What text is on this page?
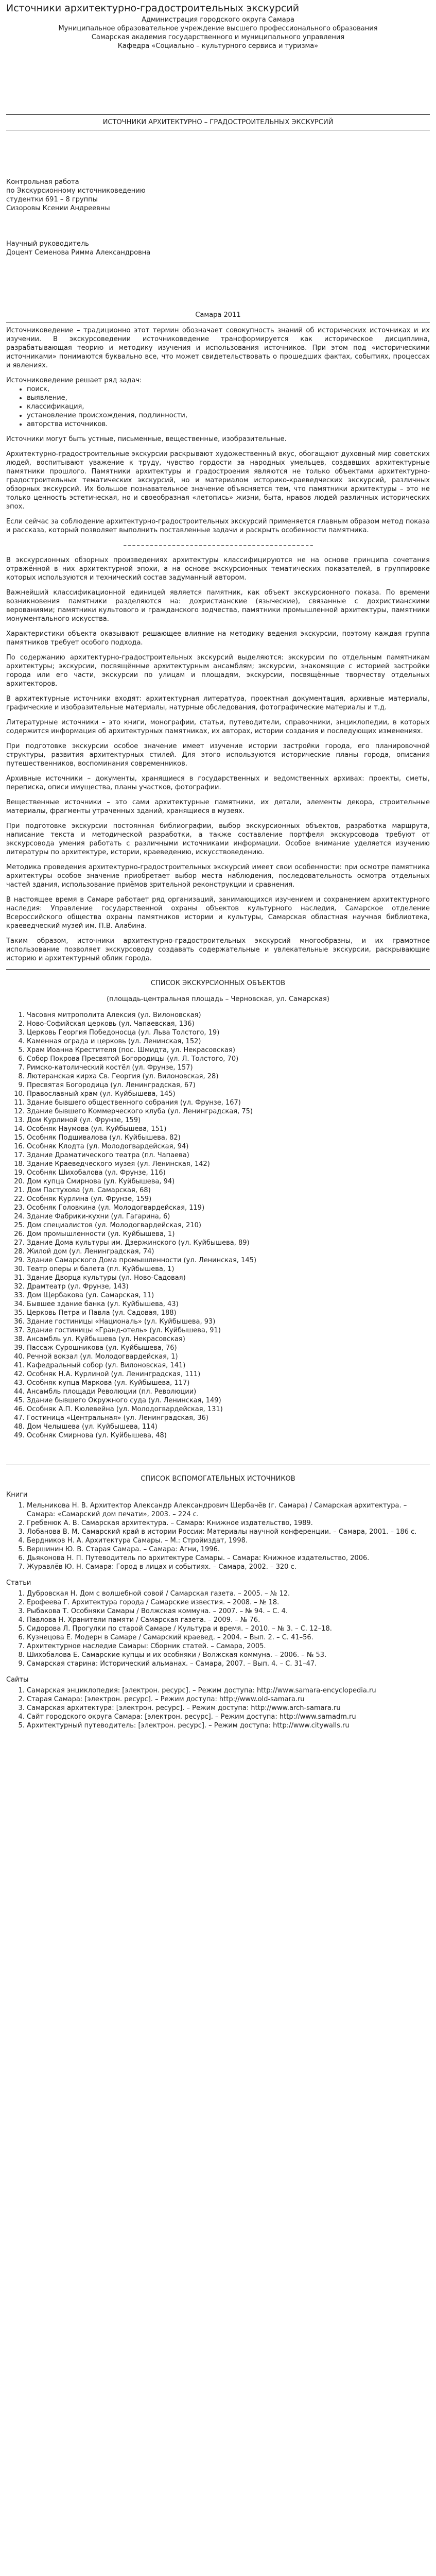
Источники архитектурно-градостроительных экскурсий
Администрация городского округа Самара
Муниципальное образовательное учреждение высшего профессионального образования
Самарская академия государственного и муниципального управления
Кафедра «Социально – культурного сервиса и туризма»
ИСТОЧНИКИ АРХИТЕКТУРНО – ГРАДОСТРОИТЕЛЬНЫХ ЭКСКУРСИЙ
Контрольная работа
по Экскурсионному источниковедению
студентки 691 – 8 группы
Сизоровы Ксении Андреевны
Научный руководитель
Доцент Семенова Римма Александровна
Самара 2011

Источниковедение – традиционно этот термин обозначает совокупность знаний об исторических источниках и их изучении. В экскурсоведении источниковедение трансформируется как историческое дисциплина, разрабатывающая теорию и методику изучения и использования источников. При этом под «историческими источниками» понимаются буквально все, что может свидетельствовать о прошедших фактах, событиях, процессах и явлениях.

Источниковедение решает ряд задач:
• поиск,
• выявление,
• классификация,
• установление происхождения, подлинности,
• авторства источников.

Источники могут быть устные, письменные, вещественные, изобразительные.

Архитектурно-градостроительные экскурсии раскрывают художественный вкус, обогащают духовный мир советских людей, воспитывают уважение к труду, чувство гордости за народных умельцев, создавших архитектурные памятники прошлого. Памятники архитектуры и градостроения являются не только объектами архитектурно-градостроительных тематических экскурсий, но и материалом историко-краеведческих экскурсий, различных обзорных экскурсий. Их большое познавательное значение объясняется тем, что памятники архитектуры – это не только ценность эстетическая, но и своеобразная «летопись» жизни, быта, нравов людей различных исторических эпох.

Если сейчас за соблюдение архитектурно-градостроительных экскурсий применяется главным образом метод показа и рассказа, который позволяет выполнить поставленные задачи и раскрыть особенности памятника.

– – – – – – – – – – – – – – – – – – – – – – – – – – – – – – – – – – – – – – – – – – –

В экскурсионных обзорных произведениях архитектуры классифицируются не на основе принципа сочетания отражённой в них архитектурной эпохи, а на основе экскурсионных тематических показателей, в группировке которых используются и технический состав задуманный автором.

Важнейший классификационной единицей является памятник, как объект экскурсионного показа. По времени возникновения памятники разделяются на: дохристианские (языческие), связанные с дохристианскими верованиями; памятники культового и гражданского зодчества, памятники промышленной архитектуры, памятники монументального искусства.

Характеристики объекта оказывают решающее влияние на методику ведения экскурсии, поэтому каждая группа памятников требует особого подхода.

По содержанию архитектурно-градостроительных экскурсий выделяются: экскурсии по отдельным памятникам архитектуры; экскурсии, посвящённые архитектурным ансамблям; экскурсии, знакомящие с историей застройки города или его части, экскурсии по улицам и площадям, экскурсии, посвящённые творчеству отдельных архитекторов.

В архитектурные источники входят: архитектурная литература, проектная документация, архивные материалы, графические и изобразительные материалы, натурные обследования, фотографические материалы и т.д.

Литературные источники – это книги, монографии, статьи, путеводители, справочники, энциклопедии, в которых содержится информация об архитектурных памятниках, их авторах, истории создания и последующих изменениях.

При подготовке экскурсии особое значение имеет изучение истории застройки города, его планировочной структуры, развития архитектурных стилей. Для этого используются исторические планы города, описания путешественников, воспоминания современников.

Архивные источники – документы, хранящиеся в государственных и ведомственных архивах: проекты, сметы, переписка, описи имущества, планы участков, фотографии.

Вещественные источники – это сами архитектурные памятники, их детали, элементы декора, строительные материалы, фрагменты утраченных зданий, хранящиеся в музеях.

При подготовке экскурсии постоянная библиографии, выбор экскурсионных объектов, разработка маршрута, написание текста и методической разработки, а также составление портфеля экскурсовода требуют от экскурсовода умения работать с различными источниками информации. Особое внимание уделяется изучению литературы по архитектуре, истории, краеведению, искусствоведению.

Методика проведения архитектурно-градостроительных экскурсий имеет свои особенности: при осмотре памятника архитектуры особое значение приобретает выбор места наблюдения, последовательность осмотра отдельных частей здания, использование приёмов зрительной реконструкции и сравнения.

В настоящее время в Самаре работает ряд организаций, занимающихся изучением и сохранением архитектурного наследия: Управление государственной охраны объектов культурного наследия, Самарское отделение Всероссийского общества охраны памятников истории и культуры, Самарская областная научная библиотека, краеведческий музей им. П.В. Алабина.

Таким образом, источники архитектурно-градостроительных экскурсий многообразны, и их грамотное использование позволяет экскурсоводу создавать содержательные и увлекательные экскурсии, раскрывающие историю и архитектурный облик города.

СПИСОК ЭКСКУРСИОННЫХ ОБЪЕКТОВ
(площадь-центральная площадь – Черновская, ул. Самарская)
1. Часовня митрополита Алексия (ул. Вилоновская)
2. Ново-Софийская церковь (ул. Чапаевская, 136)
3. Церковь Георгия Победоносца (ул. Льва Толстого, 19)
4. Каменная ограда и церковь (ул. Ленинская, 152)
5. Храм Иоанна Крестителя (пос. Шмидта, ул. Некрасовская)
6. Собор Покрова Пресвятой Богородицы (ул. Л. Толстого, 70)
7. Римско-католический костёл (ул. Фрунзе, 157)
8. Лютеранская кирха Св. Георгия (ул. Вилоновская, 28)
9. Пресвятая Богородица (ул. Ленинградская, 67)
10. Православный храм (ул. Куйбышева, 145)
11. Здание бывшего общественного собрания (ул. Фрунзе, 167)
12. Здание бывшего Коммерческого клуба (ул. Ленинградская, 75)
13. Дом Курлиной (ул. Фрунзе, 159)
14. Особняк Наумова (ул. Куйбышева, 151)
15. Особняк Подшивалова (ул. Куйбышева, 82)
16. Особняк Клодта (ул. Молодогвардейская, 94)
17. Здание Драматического театра (пл. Чапаева)
18. Здание Краеведческого музея (ул. Ленинская, 142)
19. Особняк Шихобалова (ул. Фрунзе, 116)
20. Дом купца Смирнова (ул. Куйбышева, 94)
21. Дом Пастухова (ул. Самарская, 68)
22. Особняк Курлина (ул. Фрунзе, 159)
23. Особняк Головкина (ул. Молодогвардейская, 119)
24. Здание Фабрики-кухни (ул. Гагарина, 6)
25. Дом специалистов (ул. Молодогвардейская, 210)
26. Дом промышленности (ул. Куйбышева, 1)
27. Здание Дома культуры им. Дзержинского (ул. Куйбышева, 89)
28. Жилой дом (ул. Ленинградская, 74)
29. Здание Самарского Дома промышленности (ул. Ленинская, 145)
30. Театр оперы и балета (пл. Куйбышева, 1)
31. Здание Дворца культуры (ул. Ново-Садовая)
32. Драмтеатр (ул. Фрунзе, 143)
33. Дом Щербакова (ул. Самарская, 11)
34. Бывшее здание банка (ул. Куйбышева, 43)
35. Церковь Петра и Павла (ул. Садовая, 188)
36. Здание гостиницы «Националь» (ул. Куйбышева, 93)
37. Здание гостиницы «Гранд-отель» (ул. Куйбышева, 91)
38. Ансамбль ул. Куйбышева (ул. Некрасовская)
39. Пассаж Сурошникова (ул. Куйбышева, 76)
40. Речной вокзал (ул. Молодогвардейская, 1)
41. Кафедральный собор (ул. Вилоновская, 141)
42. Особняк Н.А. Курлиной (ул. Ленинградская, 111)
43. Особняк купца Маркова (ул. Куйбышева, 117)
44. Ансамбль площади Революции (пл. Революции)
45. Здание бывшего Окружного суда (ул. Ленинская, 149)
46. Особняк А.П. Кюлевейна (ул. Молодогвардейская, 131)
47. Гостиница «Центральная» (ул. Ленинградская, 36)
48. Дом Челышева (ул. Куйбышева, 114)
49. Особняк Смирнова (ул. Куйбышева, 48)
СПИСОК ВСПОМОГАТЕЛЬНЫХ ИСТОЧНИКОВ
Книги
1. Мельникова Н. В. Архитектор Александр Александрович Щербачёв (г. Самара) / Самарская архитектура. – Самара: «Самарский дом печати», 2003. – 224 с.
2. Гребенюк А. В. Самарская архитектура. – Самара: Книжное издательство, 1989.
3. Лобанова В. М. Самарский край в истории России: Материалы научной конференции. – Самара, 2001. – 186 с.
4. Бердников Н. А. Архитектура Самары. – М.: Стройиздат, 1998.
5. Вершинин Ю. В. Старая Самара. – Самара: Агни, 1996.
6. Дьяконова Н. П. Путеводитель по архитектуре Самары. – Самара: Книжное издательство, 2006.
7. Журавлёв Ю. Н. Самара: Город в лицах и событиях. – Самара, 2002. – 320 с.
Статьи
1. Дубровская Н. Дом с волшебной совой / Самарская газета. – 2005. – № 12.
2. Ерофеева Г. Архитектура города / Самарские известия. – 2008. – № 18.
3. Рыбакова Т. Особняки Самары / Волжская коммуна. – 2007. – № 94. – С. 4.
4. Павлова Н. Хранители памяти / Самарская газета. – 2009. – № 76.
5. Сидорова Л. Прогулки по старой Самаре / Культура и время. – 2010. – № 3. – С. 12–18.
6. Кузнецова Е. Модерн в Самаре / Самарский краевед. – 2004. – Вып. 2. – С. 41–56.
7. Архитектурное наследие Самары: Сборник статей. – Самара, 2005.
8. Шихобалова Е. Самарские купцы и их особняки / Волжская коммуна. – 2006. – № 53.
9. Самарская старина: Исторический альманах. – Самара, 2007. – Вып. 4. – С. 31–47.
Сайты
1. Самарская энциклопедия: [электрон. ресурс]. – Режим доступа: http://www.samara-encyclopedia.ru
2. Старая Самара: [электрон. ресурс]. – Режим доступа: http://www.old-samara.ru
3. Самарская архитектура: [электрон. ресурс]. – Режим доступа: http://www.arch-samara.ru
4. Сайт городского округа Самара: [электрон. ресурс]. – Режим доступа: http://www.samadm.ru
5. Архитектурный путеводитель: [электрон. ресурс]. – Режим доступа: http://www.citywalls.ru
